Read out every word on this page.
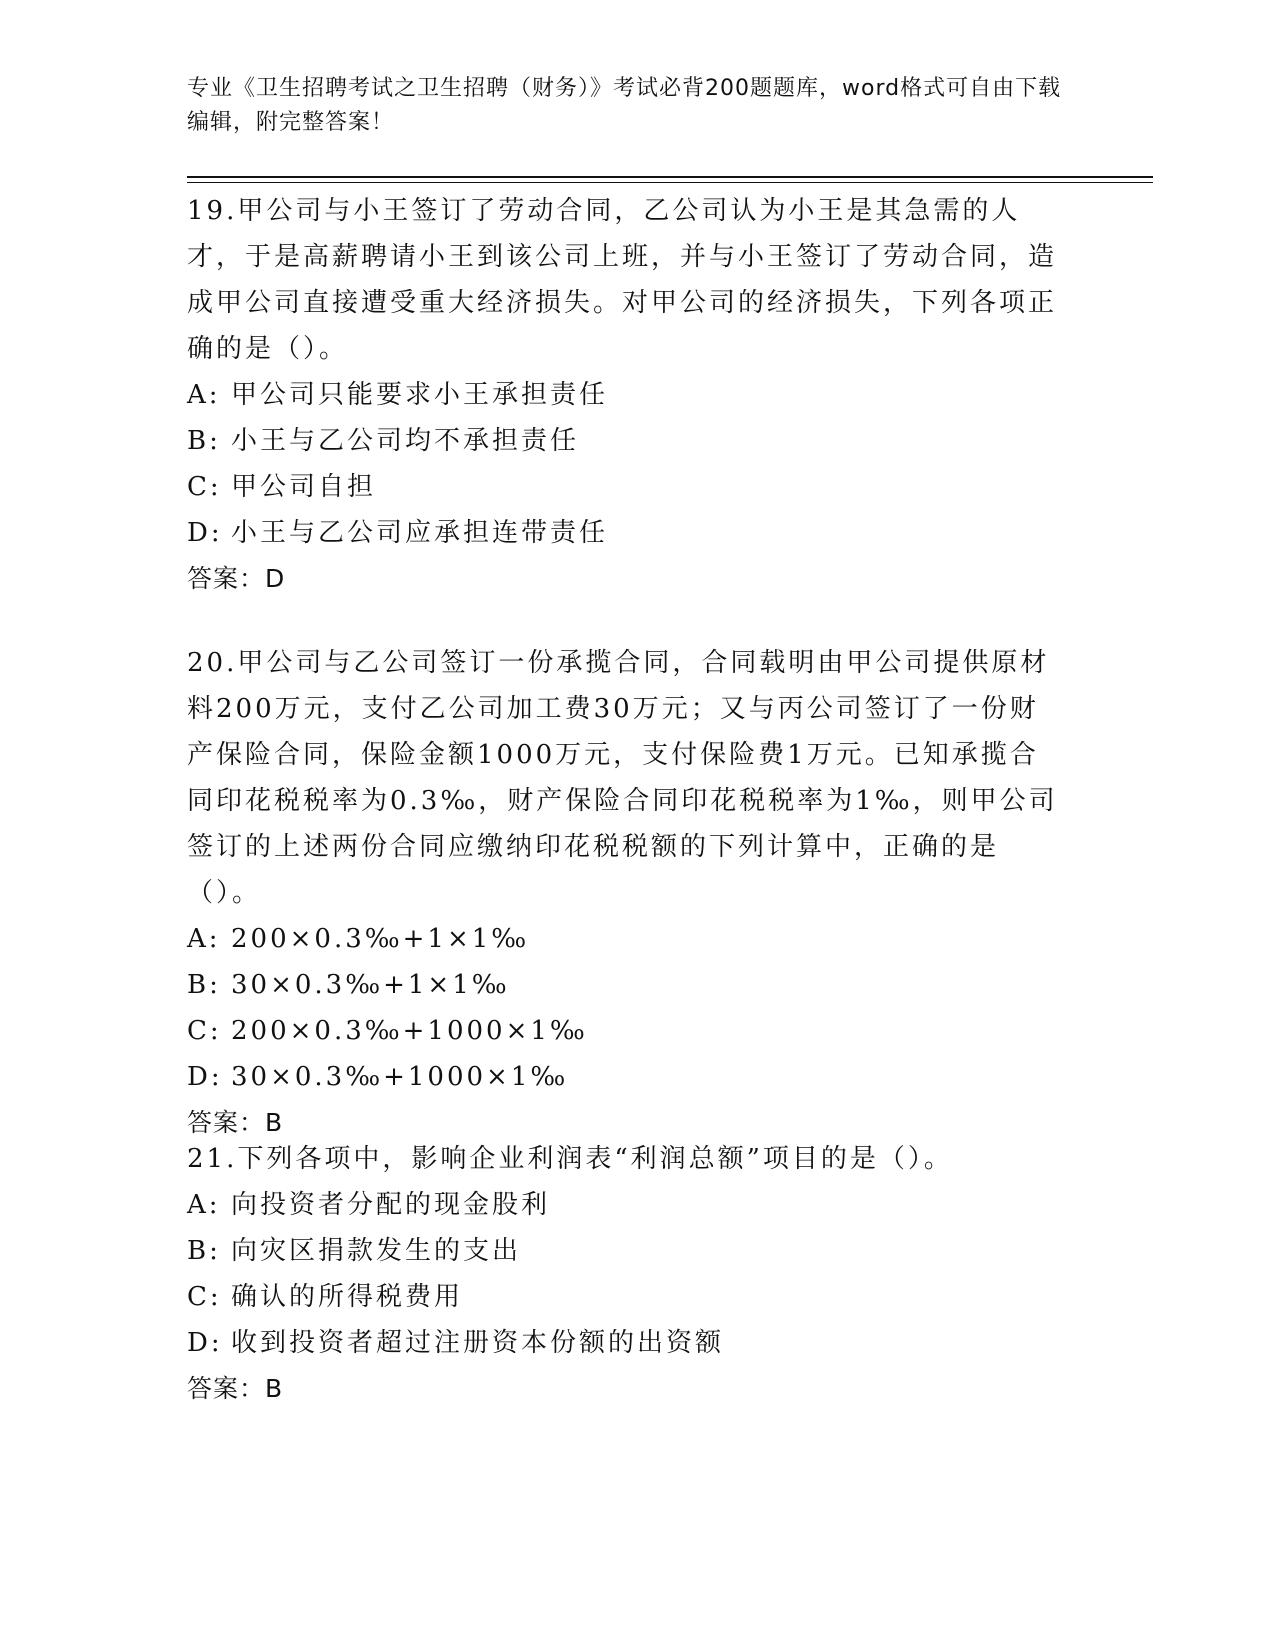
专业《卫生招聘考试之卫生招聘（财务）》考试必背200题题库，word格式可自由下载编辑，附完整答案！

19.甲公司与小王签订了劳动合同，乙公司认为小王是其急需的人才，于是高薪聘请小王到该公司上班，并与小王签订了劳动合同，造成甲公司直接遭受重大经济损失。对甲公司的经济损失，下列各项正确的是（）。

A: 甲公司只能要求小王承担责任

B: 小王与乙公司均不承担责任

C: 甲公司自担

D: 小王与乙公司应承担连带责任

答案：D

20.甲公司与乙公司签订一份承揽合同，合同载明由甲公司提供原材料200万元，支付乙公司加工费30万元；又与丙公司签订了一份财产保险合同，保险金额1000万元，支付保险费1万元。已知承揽合同印花税税率为0.3‰，财产保险合同印花税税率为1‰，则甲公司签订的上述两份合同应缴纳印花税税额的下列计算中，正确的是（）。

A: 200×0.3‰+1×1‰

B: 30×0.3‰+1×1‰

C: 200×0.3‰+1000×1‰

D: 30×0.3‰+1000×1‰

答案：B

21.下列各项中，影响企业利润表“利润总额”项目的是（）。

A: 向投资者分配的现金股利

B: 向灾区捐款发生的支出

C: 确认的所得税费用

D: 收到投资者超过注册资本份额的出资额

答案：B
